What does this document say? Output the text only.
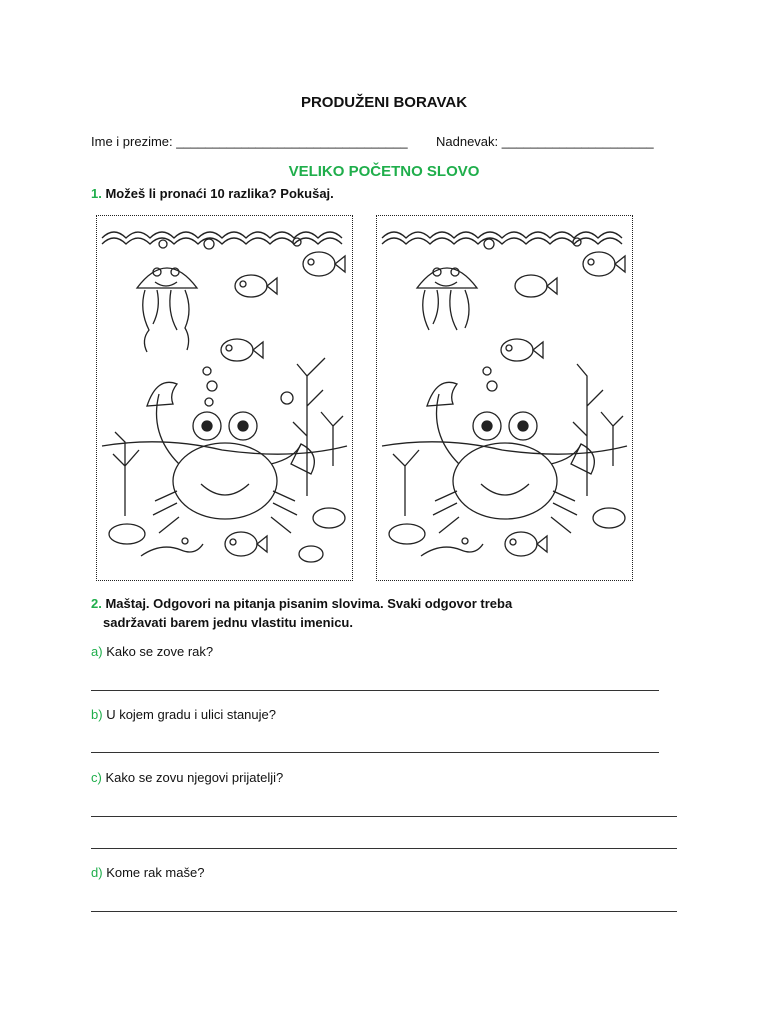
PRODUŽENI BORAVAK
Ime i prezime: ________________________________ Nadnevak: _____________________
VELIKO POČETNO SLOVO
1. Možeš li pronaći 10 razlika? Pokušaj.
2. Maštaj. Odgovori na pitanja pisanim slovima. Svaki odgovor treba
sadržavati barem jednu vlastitu imenicu.
a) Kako se zove rak?
b) U kojem gradu i ulici stanuje?
c) Kako se zovu njegovi prijatelji?
d) Kome rak maše?
